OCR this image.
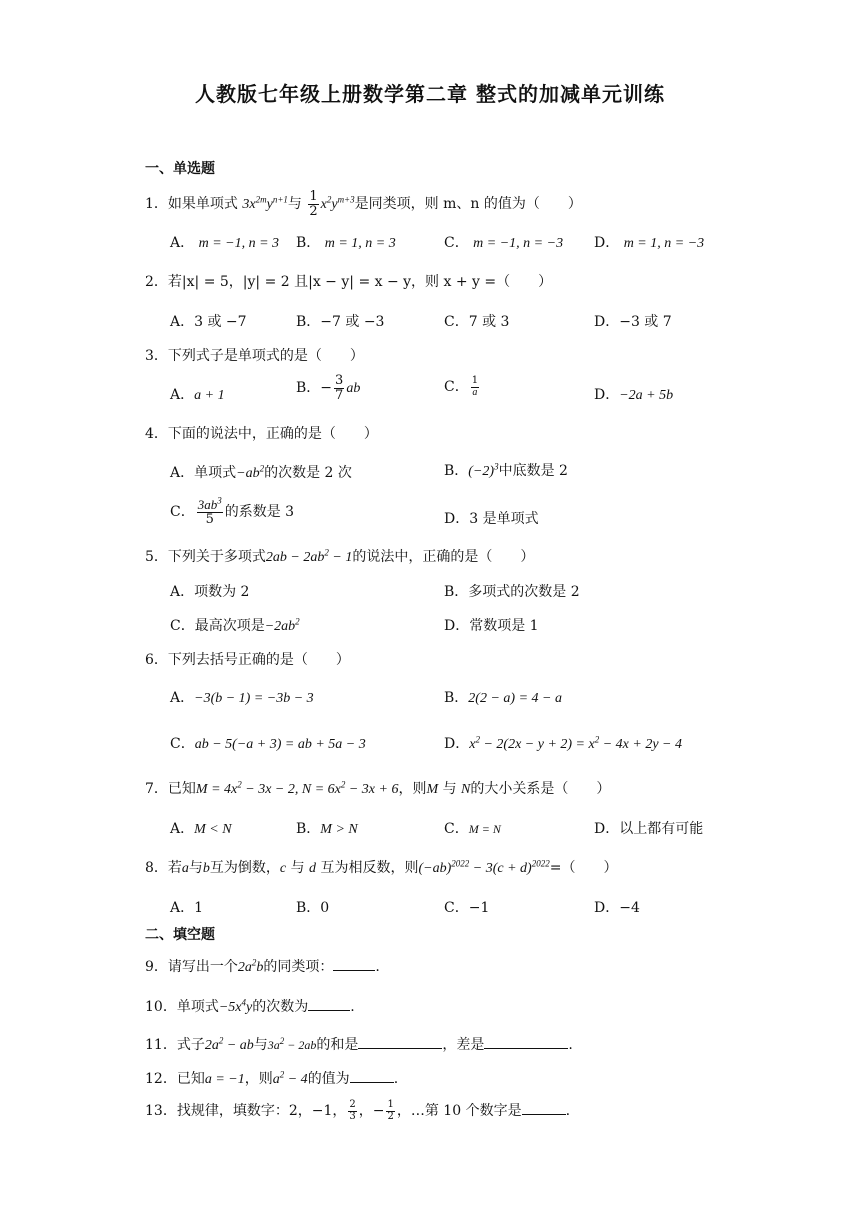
人教版七年级上册数学第二章 整式的加减单元训练
一、单选题
1．如果单项式 $3x^{2m}y^{n+1}$与 $\frac{1}{2} x^2y^{m+3}$是同类项，则 m、n 的值为（　　）
A． m = −1, n = 3 B． m = 1, n = 3	C． m = −1, n = −3 D． m = 1, n = −3
2．若|x| = 5，|y| = 2 且|x − y| = x − y，则 x + y =（　　）
A．3 或 −7	B．−7 或 −3	C．7 或 3	D．−3 或 7
3．下列式子是单项式的是（　　）
A．a + 1	B．− $\frac{3}{7}$ ab	C． $\frac{1}{a}$	D．−2a + 5b
4．下面的说法中，正确的是（　　）
A．单项式$-ab^2$的次数是 2 次	B．$(-2)^3$中底数是 2
C． $\frac{3ab^3}{5}$ 的系数是 3	D．3 是单项式
5．下列关于多项式$2ab - 2ab^2 - 1$的说法中，正确的是（　　）
A．项数为 2	B．多项式的次数是 2
C．最高次项是$-2ab^2$	D．常数项是 1
6．下列去括号正确的是（　　）
A．−3(b − 1) = −3b − 3	B．2(2 − a) = 4 − a
C．ab − 5(−a + 3) = ab + 5a − 3	D．$x^2 - 2(2x - y + 2) = x^2 - 4x + 2y - 4$
7．已知$M = 4x^2 - 3x - 2$, $N = 6x^2 - 3x + 6$，则M 与 N的大小关系是（　　）
A．M < N	B．M > N	C．M = N	D．以上都有可能
8．若a与b互为倒数，c 与 d 互为相反数，则$(-ab)^{2022} - 3(c + d)^{2022}=$（　　）
A．1	B．0	C．−1	D．−4
二、填空题
9．请写出一个$2a^2b$的同类项：	.
10．单项式$-5x^4y$的次数为	.
11．式子$2a^2$ − ab与$3a^2 - 2ab$的和是	，差是	.
12．已知a = −1，则$a^2 - 4$的值为	.
13．找规律，填数字：2，−1， $\frac{2}{3}$ ，− $\frac{1}{2}$ ，…第 10 个数字是	.
